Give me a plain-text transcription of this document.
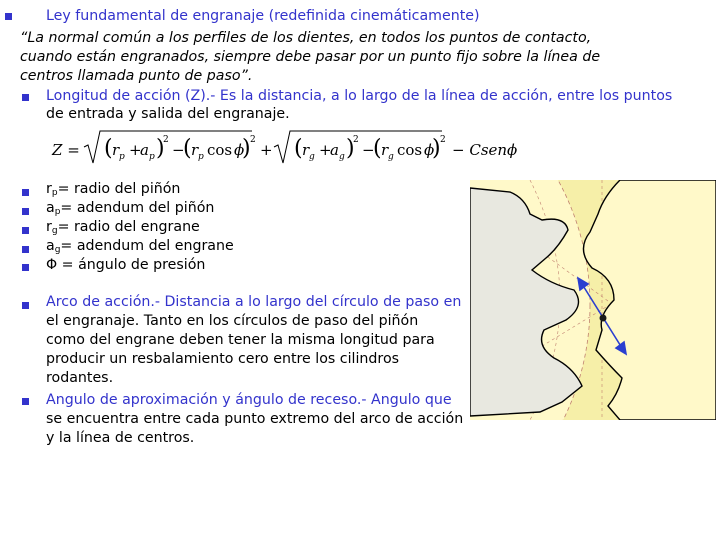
Ley fundamental de engranaje (redefinida cinemáticamente)
“La normal común a los perfiles de los dientes, en todos los puntos de contacto,
cuando están engranados, siempre debe pasar por un punto fijo sobre la línea de
centros llamada punto de paso”.
Longitud de acción (Z).- Es la distancia, a lo largo de la línea de acción, entre los puntos
de entrada y salida del engranaje.
Z = ( r p +
a p )
2
−
( r p cos ϕ
) 2
+ ( r g +
a g )
2
−
( r g cos ϕ
) 2
− Csenϕ
$r_p=$ radio del piñón
$a_p=$ adendum del piñón
$r_g=$ radio del engrane
$a_g=$ adendum del engrane
Φ = ángulo de presión
Arco de acción.- Distancia a lo largo del círculo de paso en
el engranaje. Tanto en los círculos de paso del piñón
como del engrane deben tener la misma longitud para
producir un resbalamiento cero entre los cilindros
rodantes.
Angulo de aproximación y ángulo de receso.- Angulo que
se encuentra entre cada punto extremo del arco de acción
y la línea de centros.
